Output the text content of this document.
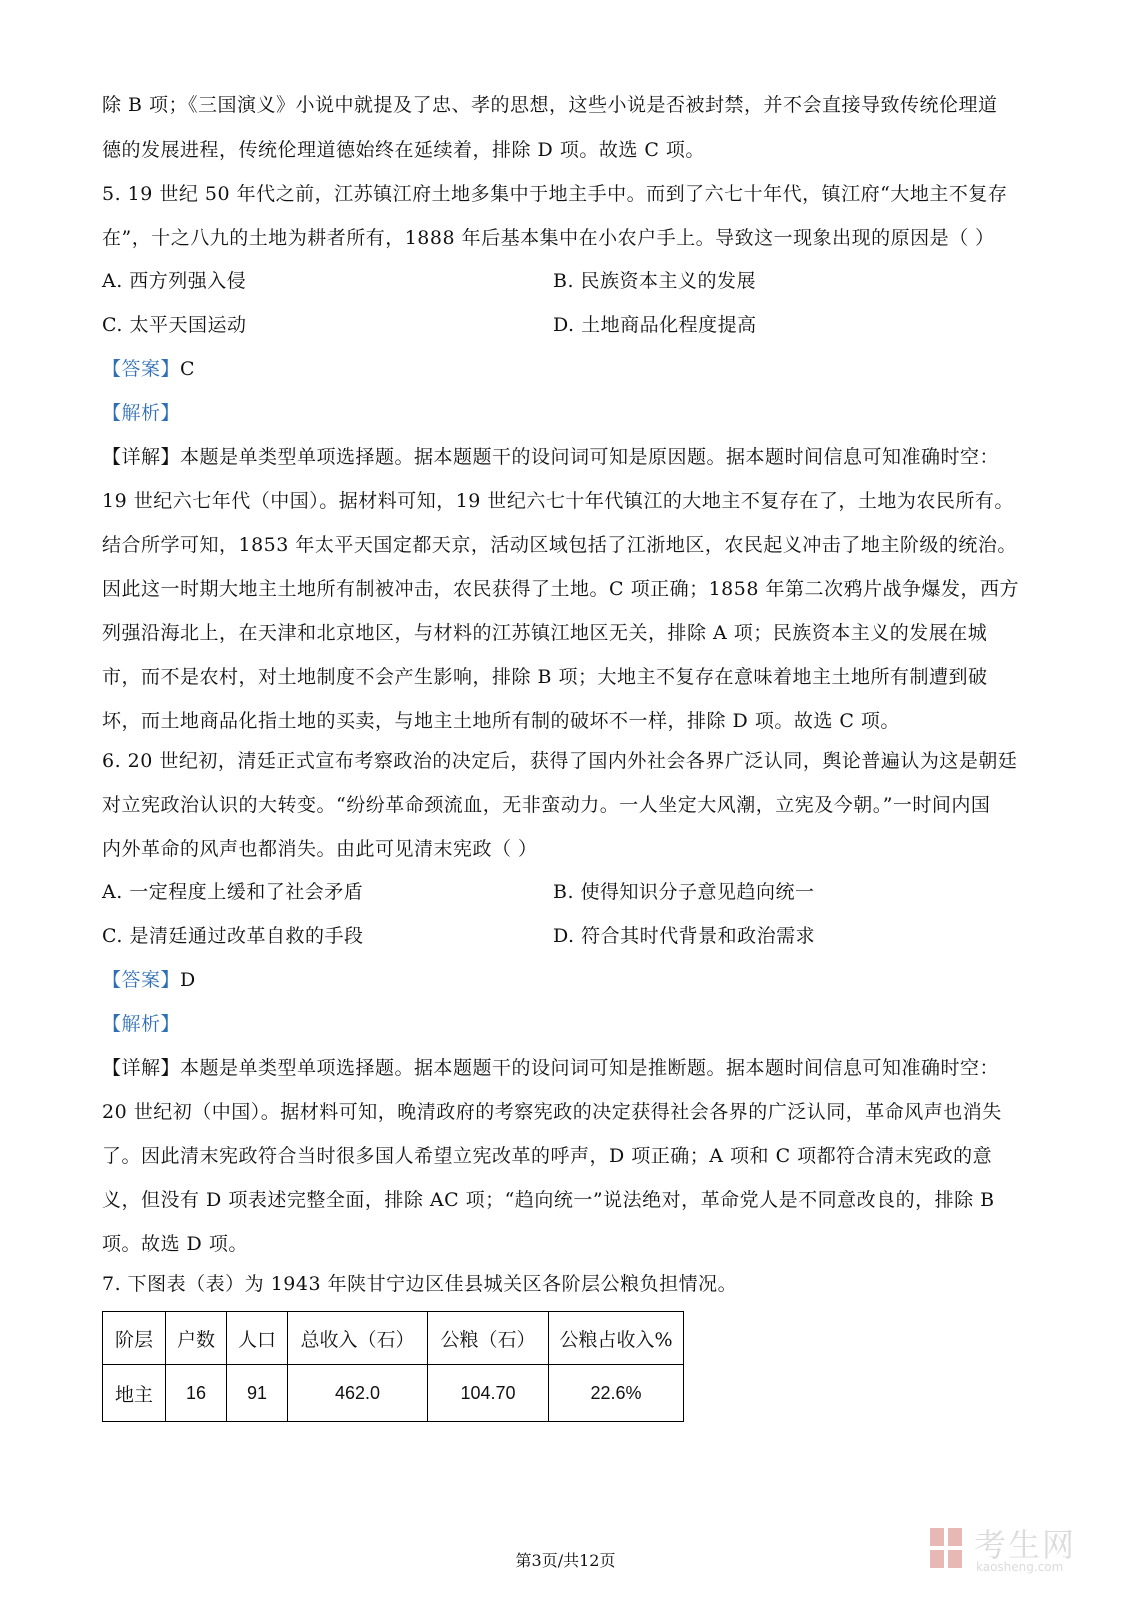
除 B 项；《三国演义》小说中就提及了忠、孝的思想，这些小说是否被封禁，并不会直接导致传统伦理道
德的发展进程，传统伦理道德始终在延续着，排除 D 项。故选 C 项。
5. 19 世纪 50 年代之前，江苏镇江府土地多集中于地主手中。而到了六七十年代，镇江府“大地主不复存
在”，十之八九的土地为耕者所有，1888 年后基本集中在小农户手上。导致这一现象出现的原因是（ ）
A. 西方列强入侵	B. 民族资本主义的发展
C. 太平天国运动	D. 土地商品化程度提高
【答案】C
【解析】
【详解】本题是单类型单项选择题。据本题题干的设问词可知是原因题。据本题时间信息可知准确时空：
19 世纪六七年代（中国）。据材料可知，19 世纪六七十年代镇江的大地主不复存在了，土地为农民所有。
结合所学可知，1853 年太平天国定都天京，活动区域包括了江浙地区，农民起义冲击了地主阶级的统治。
因此这一时期大地主土地所有制被冲击，农民获得了土地。C 项正确；1858 年第二次鸦片战争爆发，西方
列强沿海北上，在天津和北京地区，与材料的江苏镇江地区无关，排除 A 项；民族资本主义的发展在城
市，而不是农村，对土地制度不会产生影响，排除 B 项；大地主不复存在意味着地主土地所有制遭到破
坏，而土地商品化指土地的买卖，与地主土地所有制的破坏不一样，排除 D 项。故选 C 项。
6. 20 世纪初，清廷正式宣布考察政治的决定后，获得了国内外社会各界广泛认同，舆论普遍认为这是朝廷
对立宪政治认识的大转变。“纷纷革命颈流血，无非蛮动力。一人坐定大风潮，立宪及今朝。”一时间内国
内外革命的风声也都消失。由此可见清末宪政（ ）
A. 一定程度上缓和了社会矛盾	B. 使得知识分子意见趋向统一
C. 是清廷通过改革自救的手段	D. 符合其时代背景和政治需求
【答案】D
【解析】
【详解】本题是单类型单项选择题。据本题题干的设问词可知是推断题。据本题时间信息可知准确时空：
20 世纪初（中国）。据材料可知，晚清政府的考察宪政的决定获得社会各界的广泛认同，革命风声也消失
了。因此清末宪政符合当时很多国人希望立宪改革的呼声，D 项正确；A 项和 C 项都符合清末宪政的意
义，但没有 D 项表述完整全面，排除 AC 项；“趋向统一”说法绝对，革命党人是不同意改良的，排除 B
项。故选 D 项。
7. 下图表（表）为 1943 年陕甘宁边区佳县城关区各阶层公粮负担情况。
阶层	户数	人口	总收入（石）	公粮（石）	公粮占收入%
地主	16	91	462.0	104.70	22.6%
第3页/共12页	考生网
kaosheng.com
